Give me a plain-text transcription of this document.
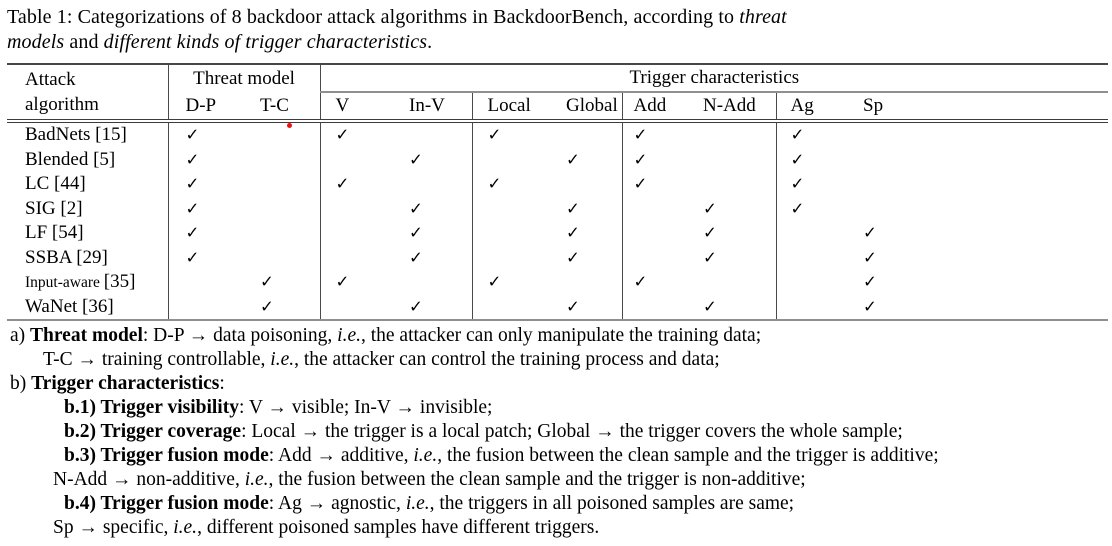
Table 1: Categorizations of 8 backdoor attack algorithms in BackdoorBench, according to threat
models and different kinds of trigger characteristics.

Attack
algorithm	Threat model		Trigger characteristics							
	D-P	T-C	V	In-V	Local	Global	Add	N-Add	Ag	Sp
BadNets [15]	✓		✓		✓		✓		✓	
Blended [5]	✓			✓		✓	✓		✓	
LC [44]	✓		✓		✓		✓		✓	
SIG [2]	✓			✓		✓		✓	✓	
LF [54]	✓			✓		✓		✓		✓
SSBA [29]	✓			✓		✓		✓		✓
Input-aware [35]		✓	✓		✓		✓			✓
WaNet [36]		✓		✓		✓		✓		✓
a) Threat model: D-P → data poisoning, i.e., the attacker can only manipulate the training data;
T-C → training controllable, i.e., the attacker can control the training process and data;
b) Trigger characteristics:
b.1) Trigger visibility: V → visible; In-V → invisible;
b.2) Trigger coverage: Local → the trigger is a local patch; Global → the trigger covers the whole sample;
b.3) Trigger fusion mode: Add → additive, i.e., the fusion between the clean sample and the trigger is additive;
N-Add → non-additive, i.e., the fusion between the clean sample and the trigger is non-additive;
b.4) Trigger fusion mode: Ag → agnostic, i.e., the triggers in all poisoned samples are same;
Sp → specific, i.e., different poisoned samples have different triggers.
